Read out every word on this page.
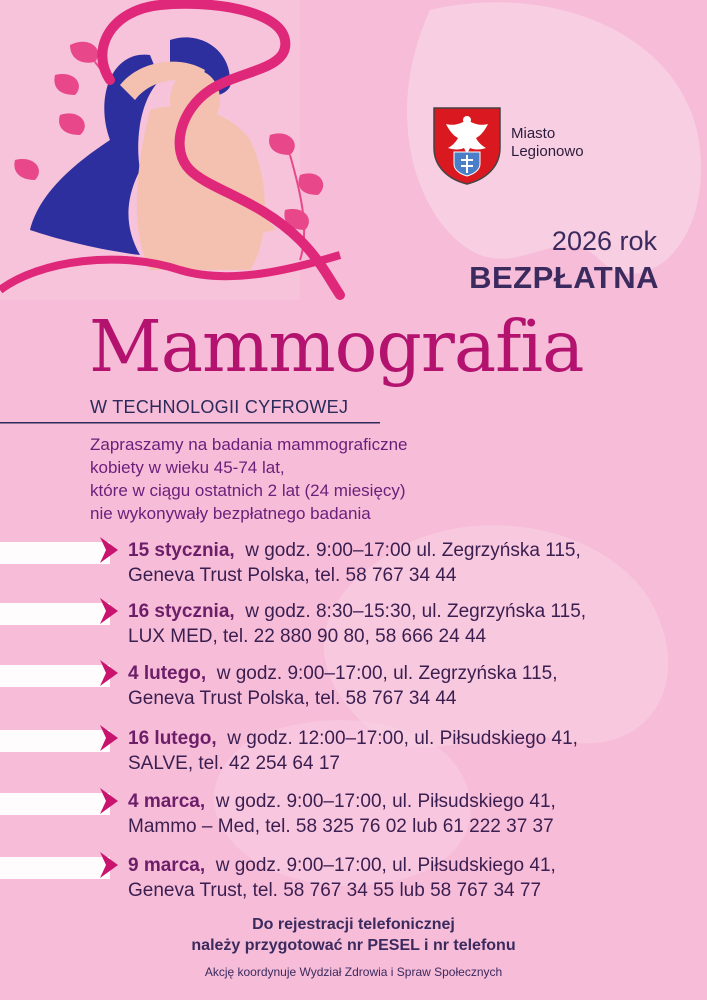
Miasto
Legionowo
2026 rok
BEZPŁATNA
Mammografia
W TECHNOLOGII CYFROWEJ
Zapraszamy na badania mammograficzne
kobiety w wieku 45-74 lat,
które w ciągu ostatnich 2 lat (24 miesięcy)
nie wykonywały bezpłatnego badania
15 stycznia, w godz. 9:00–17:00 ul. Zegrzyńska 115,
Geneva Trust Polska, tel. 58 767 34 44
16 stycznia, w godz. 8:30–15:30, ul. Zegrzyńska 115,
LUX MED, tel. 22 880 90 80, 58 666 24 44
4 lutego, w godz. 9:00–17:00, ul. Zegrzyńska 115,
Geneva Trust Polska, tel. 58 767 34 44
16 lutego, w godz. 12:00–17:00, ul. Piłsudskiego 41,
SALVE, tel. 42 254 64 17
4 marca, w godz. 9:00–17:00, ul. Piłsudskiego 41,
Mammo – Med, tel. 58 325 76 02 lub 61 222 37 37
9 marca, w godz. 9:00–17:00, ul. Piłsudskiego 41,
Geneva Trust, tel. 58 767 34 55 lub 58 767 34 77
Do rejestracji telefonicznej
należy przygotować nr PESEL i nr telefonu
Akcję koordynuje Wydział Zdrowia i Spraw Społecznych
